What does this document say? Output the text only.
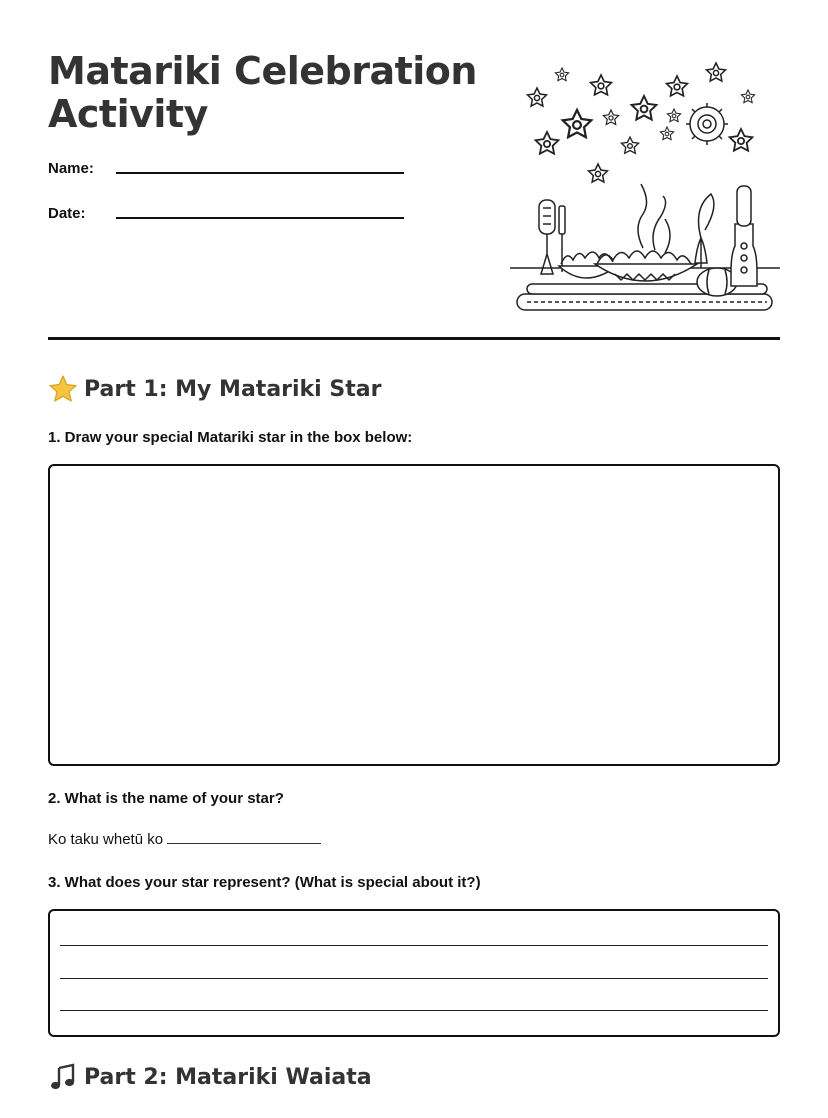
Matariki Celebration
Activity
Name:
Date:
Part 1: My Matariki Star
1. Draw your special Matariki star in the box below:
2. What is the name of your star?
Ko taku whetū ko
3. What does your star represent? (What is special about it?)
Part 2: Matariki Waiata
